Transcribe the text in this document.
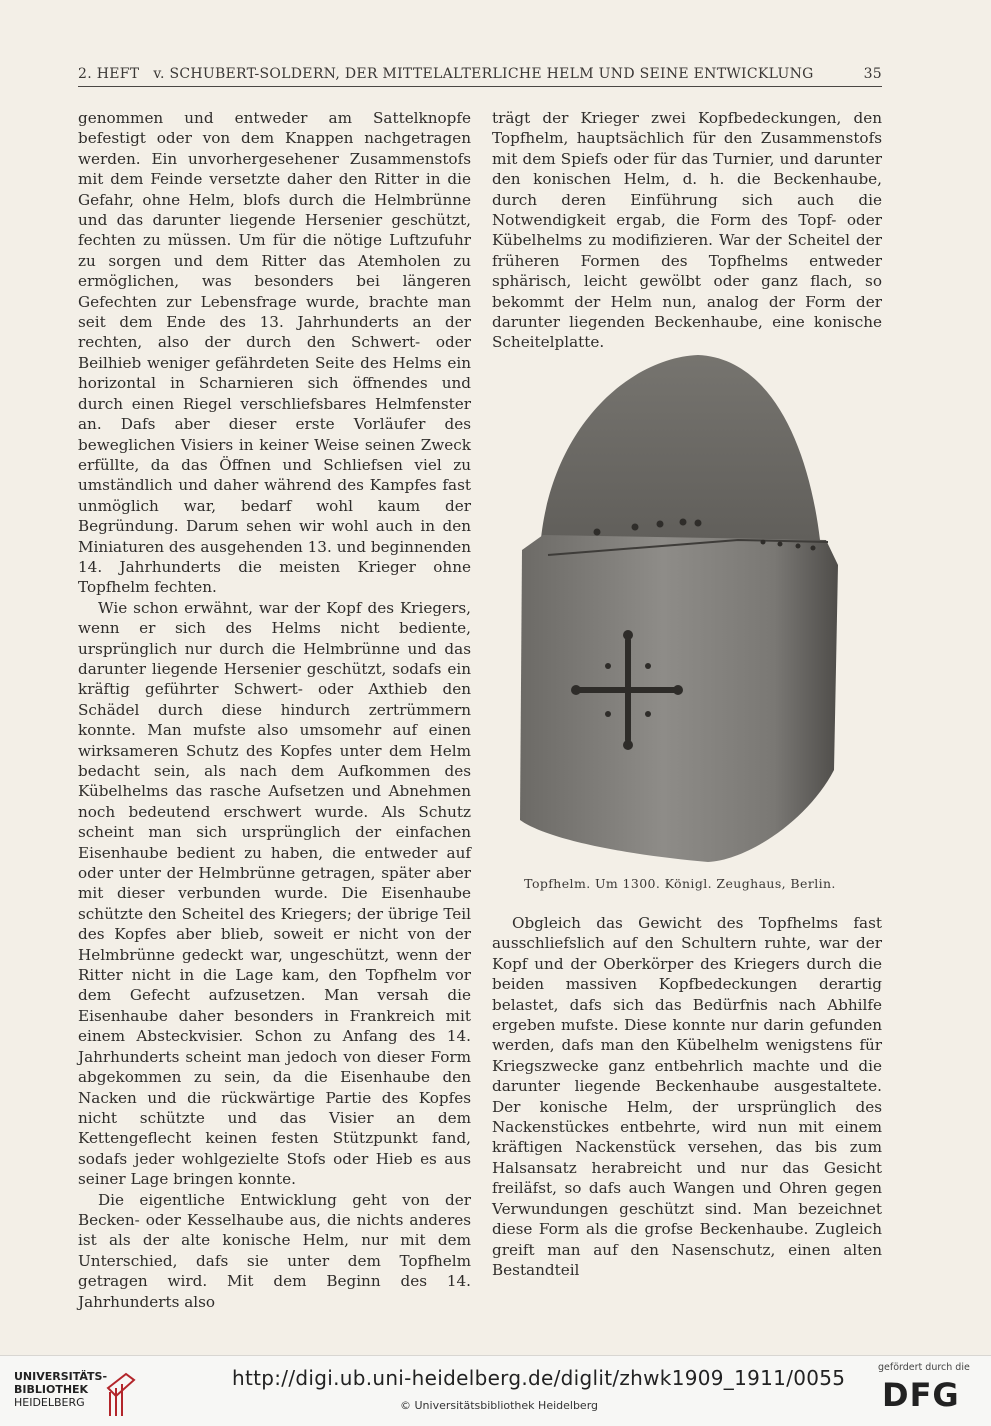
2. HEFT	v. SCHUBERT-SOLDERN, DER MITTELALTERLICHE HELM UND SEINE ENTWICKLUNG	35

genommen und entweder am Sattelknopfe befestigt oder von dem Knappen nachgetragen werden. Ein unvorhergesehener Zusammenstofs mit dem Feinde versetzte daher den Ritter in die Gefahr, ohne Helm, blofs durch die Helmbrünne und das darunter liegende Hersenier geschützt, fechten zu müssen. Um für die nötige Luftzufuhr zu sorgen und dem Ritter das Atemholen zu ermöglichen, was besonders bei längeren Gefechten zur Lebensfrage wurde, brachte man seit dem Ende des 13. Jahrhunderts an der rechten, also der durch den Schwert- oder Beilhieb weniger gefährdeten Seite des Helms ein horizontal in Scharnieren sich öffnendes und durch einen Riegel verschliefsbares Helmfenster an. Dafs aber dieser erste Vorläufer des beweglichen Visiers in keiner Weise seinen Zweck erfüllte, da das Öffnen und Schliefsen viel zu umständlich und daher während des Kampfes fast unmöglich war, bedarf wohl kaum der Begründung. Darum sehen wir wohl auch in den Miniaturen des ausgehenden 13. und beginnenden 14. Jahrhunderts die meisten Krieger ohne Topfhelm fechten.

Wie schon erwähnt, war der Kopf des Kriegers, wenn er sich des Helms nicht bediente, ursprünglich nur durch die Helmbrünne und das darunter liegende Hersenier geschützt, sodafs ein kräftig geführter Schwert- oder Axthieb den Schädel durch diese hindurch zertrümmern konnte. Man mufste also umsomehr auf einen wirksameren Schutz des Kopfes unter dem Helm bedacht sein, als nach dem Aufkommen des Kübelhelms das rasche Aufsetzen und Abnehmen noch bedeutend erschwert wurde. Als Schutz scheint man sich ursprünglich der einfachen Eisenhaube bedient zu haben, die entweder auf oder unter der Helmbrünne getragen, später aber mit dieser verbunden wurde. Die Eisenhaube schützte den Scheitel des Kriegers; der übrige Teil des Kopfes aber blieb, soweit er nicht von der Helmbrünne gedeckt war, ungeschützt, wenn der Ritter nicht in die Lage kam, den Topfhelm vor dem Gefecht aufzusetzen. Man versah die Eisenhaube daher besonders in Frankreich mit einem Absteckvisier. Schon zu Anfang des 14. Jahrhunderts scheint man jedoch von dieser Form abgekommen zu sein, da die Eisenhaube den Nacken und die rückwärtige Partie des Kopfes nicht schützte und das Visier an dem Kettengeflecht keinen festen Stützpunkt fand, sodafs jeder wohlgezielte Stofs oder Hieb es aus seiner Lage bringen konnte.

Die eigentliche Entwicklung geht von der Becken- oder Kesselhaube aus, die nichts anderes ist als der alte konische Helm, nur mit dem Unterschied, dafs sie unter dem Topfhelm getragen wird. Mit dem Beginn des 14. Jahrhunderts also

trägt der Krieger zwei Kopfbedeckungen, den Topfhelm, hauptsächlich für den Zusammenstofs mit dem Spiefs oder für das Turnier, und darunter den konischen Helm, d. h. die Beckenhaube, durch deren Einführung sich auch die Notwendigkeit ergab, die Form des Topf- oder Kübelhelms zu modifizieren. War der Scheitel der früheren Formen des Topfhelms entweder sphärisch, leicht gewölbt oder ganz flach, so bekommt der Helm nun, analog der Form der darunter liegenden Beckenhaube, eine konische Scheitelplatte.

Topfhelm. Um 1300. Königl. Zeughaus, Berlin.

Obgleich das Gewicht des Topfhelms fast ausschliefslich auf den Schultern ruhte, war der Kopf und der Oberkörper des Kriegers durch die beiden massiven Kopfbedeckungen derartig belastet, dafs sich das Bedürfnis nach Abhilfe ergeben mufste. Diese konnte nur darin gefunden werden, dafs man den Kübelhelm wenigstens für Kriegszwecke ganz entbehrlich machte und die darunter liegende Beckenhaube ausgestaltete. Der konische Helm, der ursprünglich des Nackenstückes entbehrte, wird nun mit einem kräftigen Nackenstück versehen, das bis zum Halsansatz herabreicht und nur das Gesicht freiläfst, so dafs auch Wangen und Ohren gegen Verwundungen geschützt sind. Man bezeichnet diese Form als die grofse Beckenhaube. Zugleich greift man auf den Nasenschutz, einen alten Bestandteil

UNIVERSITÄTS-
BIBLIOTHEK
HEIDELBERG
http://digi.ub.uni-heidelberg.de/diglit/zhwk1909_1911/0055
© Universitätsbibliothek Heidelberg
gefördert durch die
DFG
